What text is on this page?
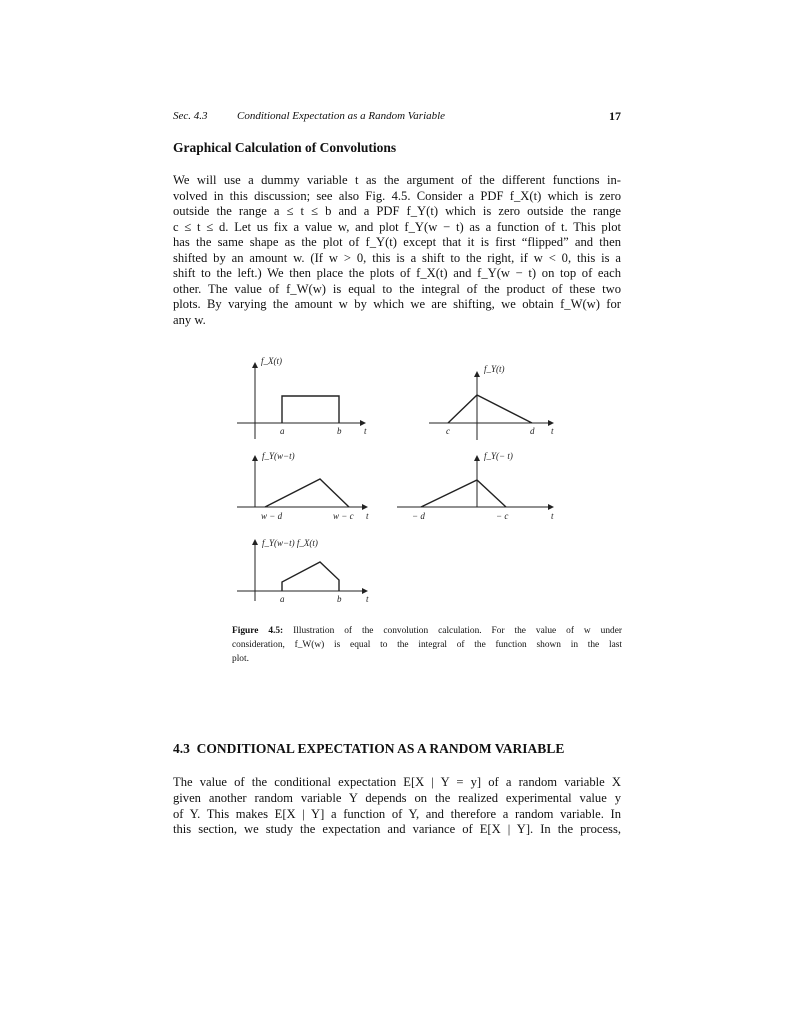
Sec. 4.3	Conditional Expectation as a Random Variable	17
Graphical Calculation of Convolutions
We will use a dummy variable t as the argument of the different functions in-
volved in this discussion; see also Fig. 4.5. Consider a PDF f_X(t) which is zero
outside the range a ≤ t ≤ b and a PDF f_Y(t) which is zero outside the range
c ≤ t ≤ d. Let us fix a value w, and plot f_Y(w − t) as a function of t. This plot
has the same shape as the plot of f_Y(t) except that it is first “flipped” and then
shifted by an amount w. (If w > 0, this is a shift to the right, if w < 0, this is a
shift to the left.) We then place the plots of f_X(t) and f_Y(w − t) on top of each
other. The value of f_W(w) is equal to the integral of the product of these two
plots. By varying the amount w by which we are shifting, we obtain f_W(w) for
any w.
f_X(t)
a	b	t
f_Y(t)
c	d t
f_Y(w−t)
w − d	w − c t
f_Y(− t)
− d	− c	t
f_Y(w−t) f_X(t)
a	b	t
Figure 4.5: Illustration of the convolution calculation. For the value of w under
consideration, f_W(w) is equal to the integral of the function shown in the last
plot.
4.3  CONDITIONAL EXPECTATION AS A RANDOM VARIABLE
The value of the conditional expectation E[X | Y = y] of a random variable X
given another random variable Y depends on the realized experimental value y
of Y. This makes E[X | Y] a function of Y, and therefore a random variable. In
this section, we study the expectation and variance of E[X | Y]. In the process,
